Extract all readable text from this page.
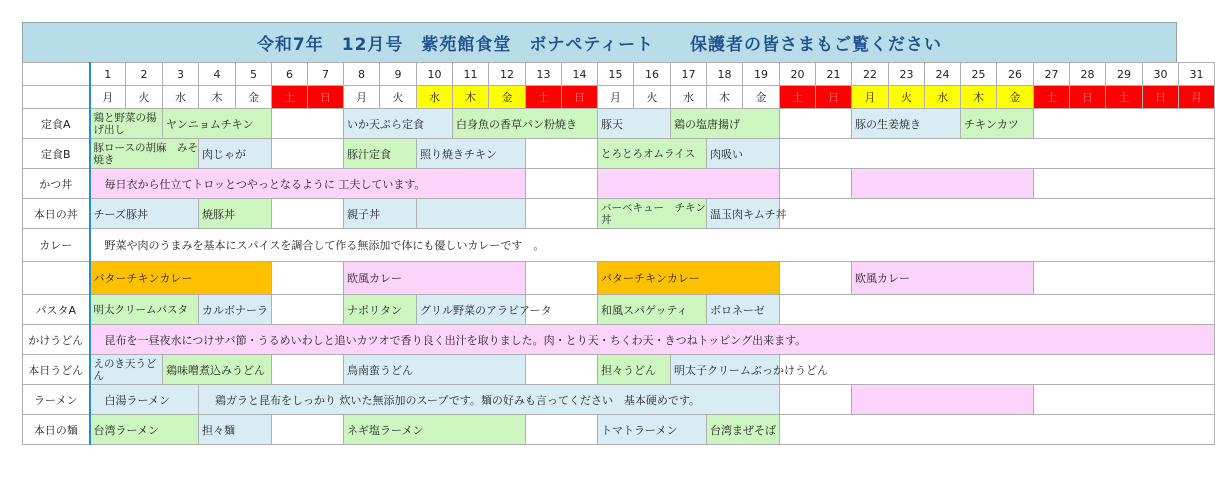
令和7年　12月号　紫苑館食堂　ボナペティート　　保護者の皆さまもご覧ください
	1	2	3	4	5	6	7	8	9	10	11	12	13	14	15	16	17	18	19	20	21	22	23	24	25	26	27	28	29	30	31
	月	火	水	木	金	土	日	月	火	水	木	金	土	日	月	火	水	木	金	土	日	月	火	水	木	金	土	日	土	日	月
定食A	鶏と野菜の揚げ出し		ヤンニョムチキン					いか天ぷら定食			白身魚の香草パン粉焼き				豚天		鶏の塩唐揚げ					豚の生姜焼き			チキンカツ						
定食B	豚ロースの胡麻　みそ焼き			肉じゃが				豚汁定食		照り焼きチキン					とろとろオムライス			肉吸い													
かつ丼	毎日衣から仕立てトロッとつやっとなるように 工夫しています。																														
本日の丼	チーズ豚丼			焼豚丼				親子丼							バーベキュー　チキン丼			温玉肉キムチ丼													
カレー	野菜や肉のうまみを基本にスパイスを調合して作る無添加で体にも優しいカレーです　。																														
	バターチキンカレー							欧風カレー							バターチキンカレー							欧風カレー									
パスタA	明太クリームパスタ			カルボナーラ				ナポリタン		グリル野菜のアラビアータ					和風スパゲッティ			ボロネーゼ													
かけうどん	昆布を一昼夜水につけサバ節・うるめいわしと追いカツオで香り良く出汁を取りました。肉・とり天・ちくわ天・きつねトッピング出来ます。																														
本日うどん	えのき天うどん		鶏味噌煮込みうどん					鳥南蛮うどん							担々うどん		明太子クリームぶっかけうどん														
ラーメン	白湯ラーメン			鶏ガラと昆布をしっかり 炊いた無添加のスープです。麺の好みも言ってください　基本硬めです。																											
本日の麺	台湾ラーメン			担々麺				ネギ塩ラーメン							トマトラーメン			台湾まぜそば													
